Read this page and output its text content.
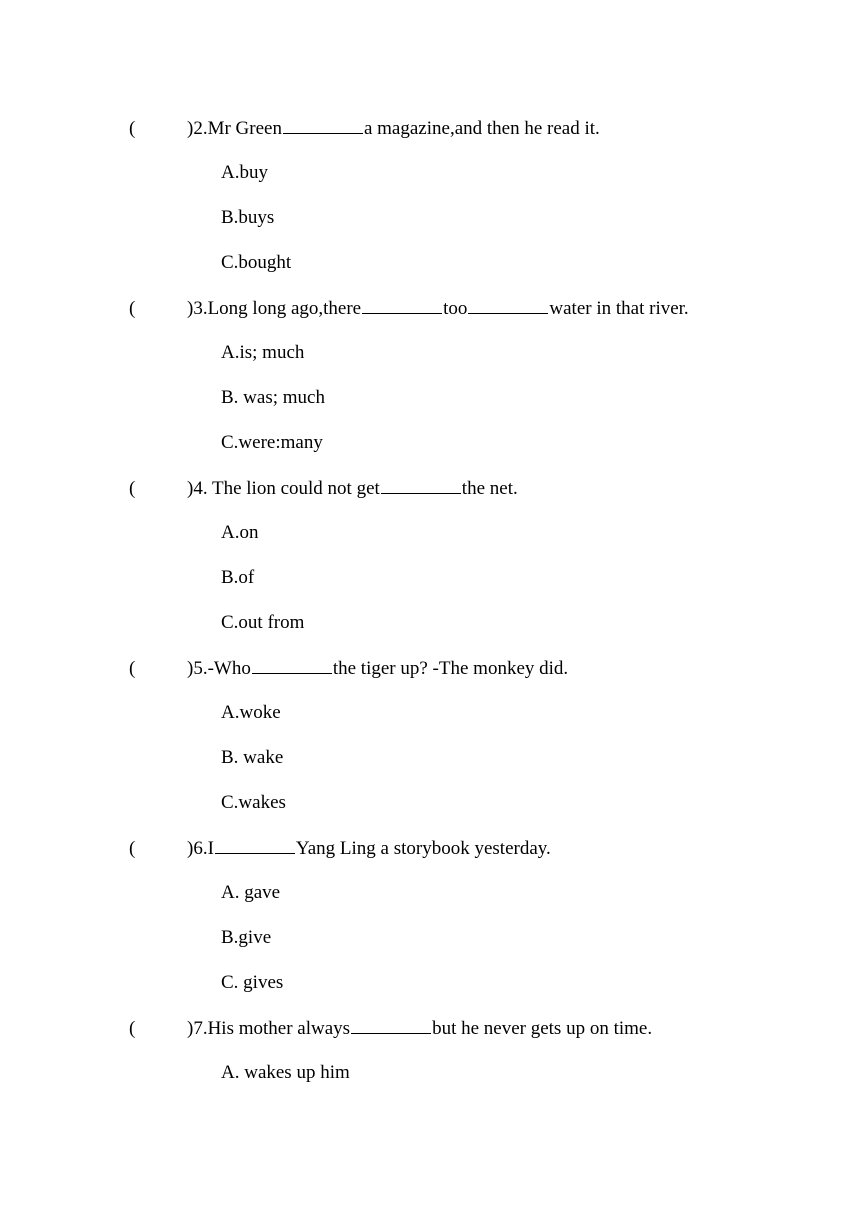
(	)2.Mr Green	a magazine,and then he read it.
A.buy
B.buys
C.bought
(	)3.Long long ago,there	too	water in that river.
A.is; much
B. was; much
C.were:many
(	)4. The lion could not get	the net.
A.on
B.of
C.out from
(	)5.-Who	the tiger up? -The monkey did.
A.woke
B. wake
C.wakes
(	)6.I	Yang Ling a storybook yesterday.
A. gave
B.give
C. gives
(	)7.His mother always	but he never gets up on time.
A. wakes up him
